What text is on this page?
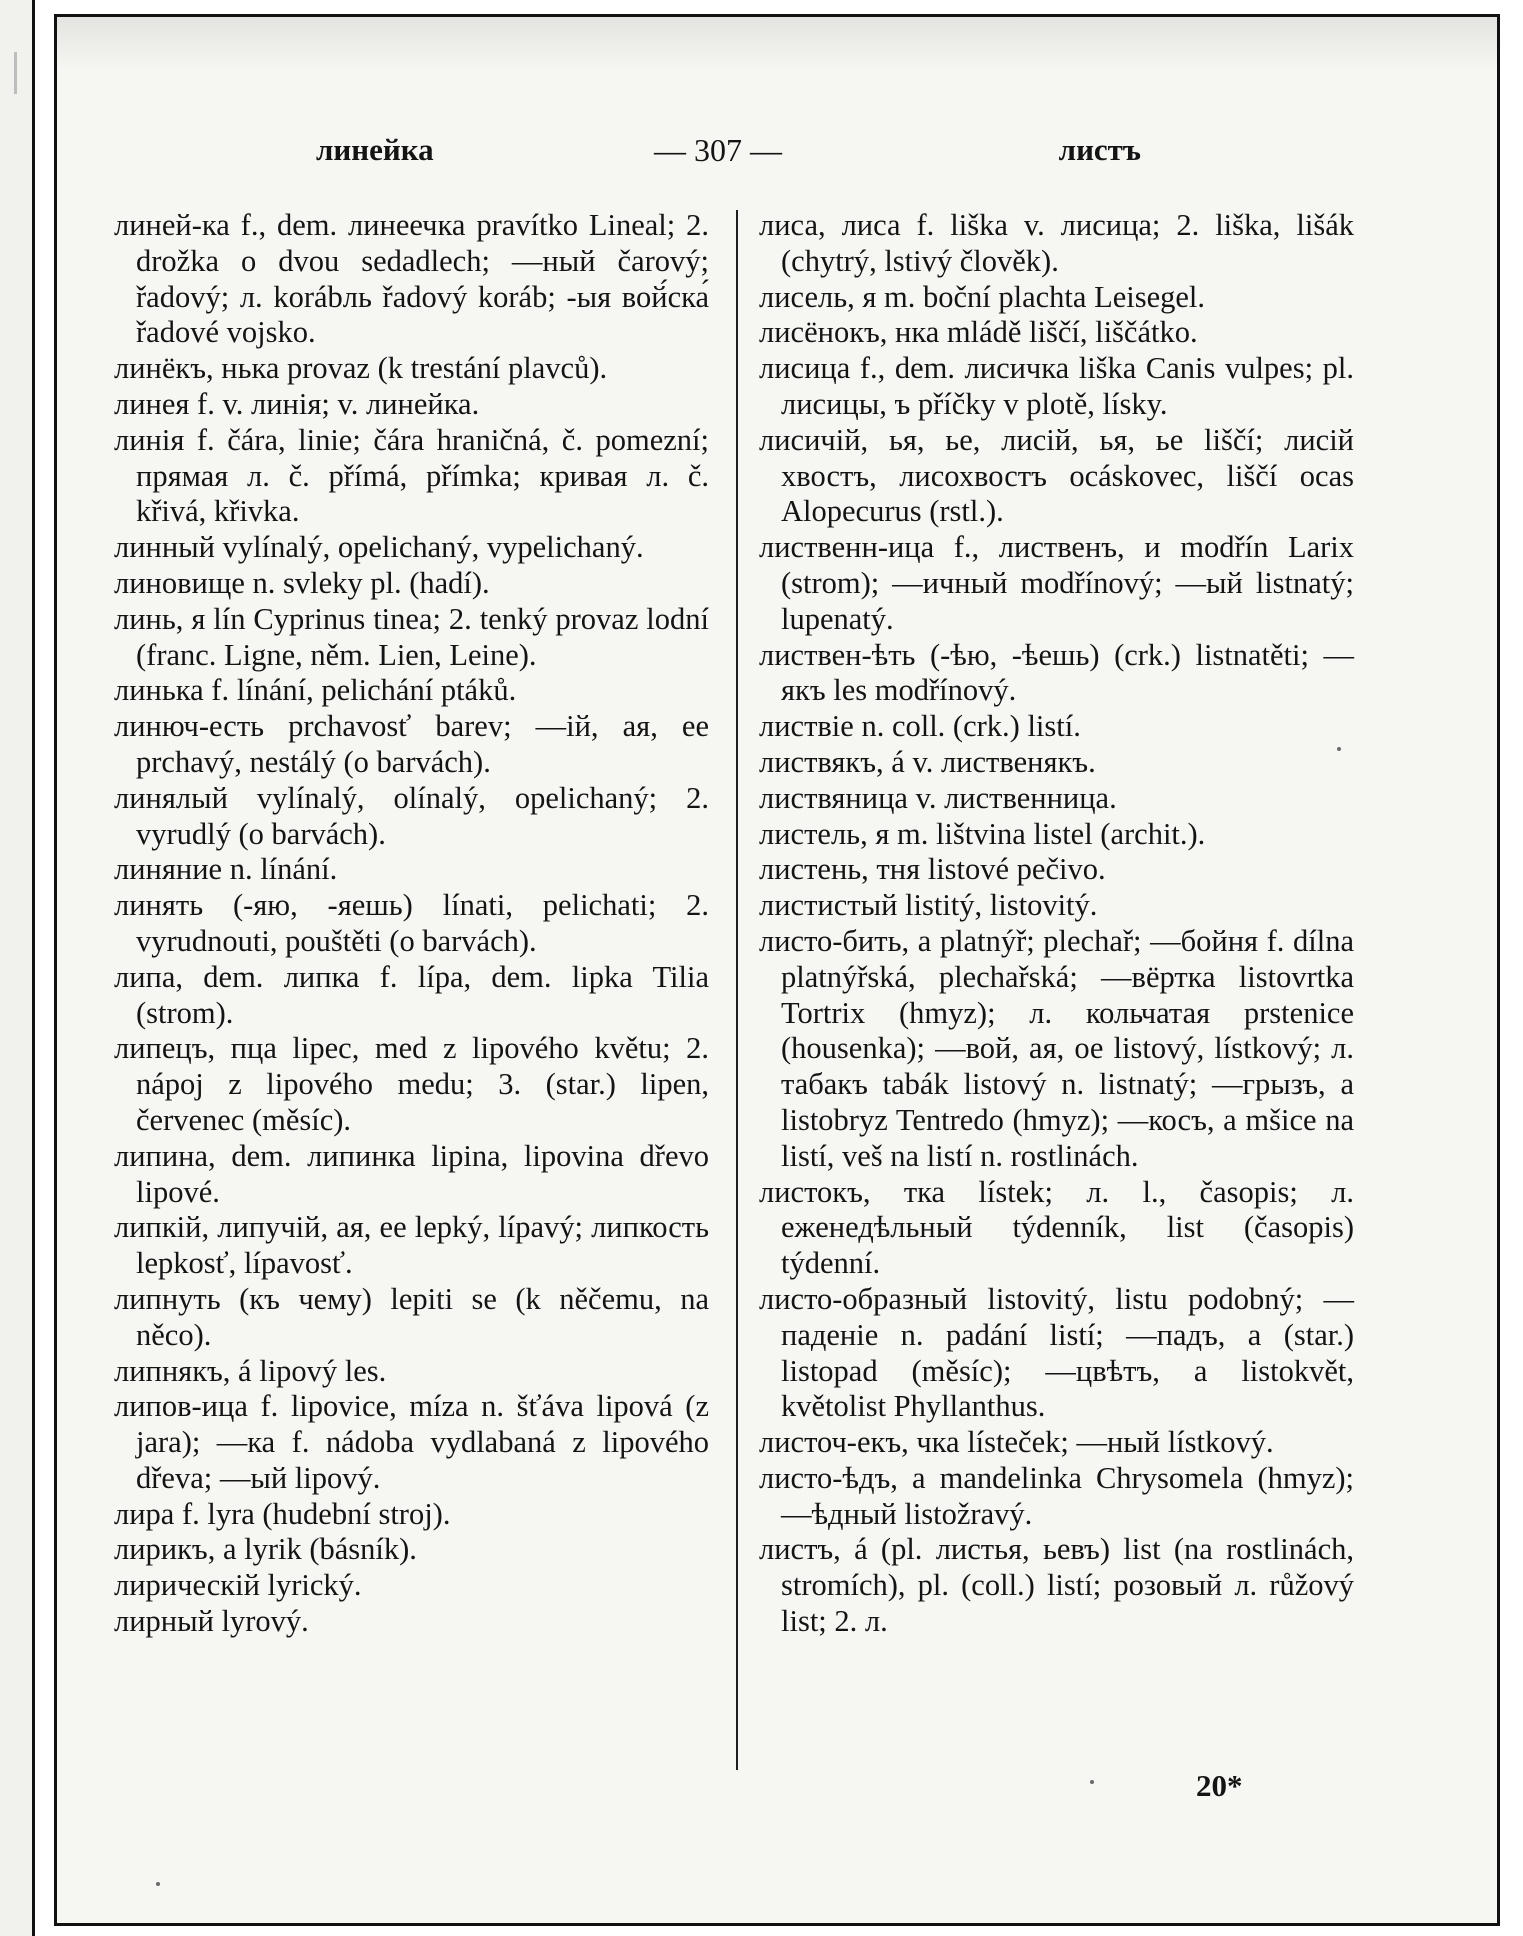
линейка	— 307 —	листъ

линей-ка f., dem. линеечка pravítko Lineal; 2. drožka o dvou sedadlech; —ный čarový; řadový; л. korábль řadový koráb; -ыя вой́ска́ řadové vojsko.

линёкъ, нька provaz (k trestání plavců).

линея f. v. линія; v. линейка.

линія f. čára, linie; čára hraničná, č. pomezní; прямая л. č. přímá, přímka; кривая л. č. křivá, křivka.

линный vylínalý, opelichaný, vypelichaný.

линовище n. svleky pl. (hadí).

линь, я lín Cyprinus tinea; 2. tenký provaz lodní (franc. Ligne, něm. Lien, Leine).

линька f. línání, pelichání ptáků.

линюч-есть prchavosť barev; —ій, ая, ее prchavý, nestálý (o barvách).

линялый vylínalý, olínalý, opelichaný; 2. vyrudlý (o barvách).

линяние n. línání.

линять (-яю, -яешь) línati, pelichati; 2. vyrudnouti, pouštěti (o barvách).

липа, dem. липка f. lípa, dem. lipka Tilia (strom).

липецъ, пца lipec, med z lipového květu; 2. nápoj z lipového medu; 3. (star.) lipen, červenec (měsíc).

липина, dem. липинка lipina, lipovina dřevo lipové.

липкій, липучій, ая, ее lepký, lípavý; липкость lepkosť, lípavosť.

липнуть (къ чему) lepiti se (k něčemu, na něco).

липнякъ, á lipový les.

липов-ица f. lipovice, míza n. šťáva lipová (z jara); —ка f. nádoba vydlabaná z lipového dřeva; —ый lipový.

лира f. lyra (hudební stroj).

лирикъ, а lyrik (básník).

лирическій lyrický.

лирный lyrový.

лиса, лиса f. liška v. лисица; 2. liška, lišák (chytrý, lstivý člověk).

лисель, я m. boční plachta Leisegel.

лисёнокъ, нка mládě liščí, liščátko.

лисица f., dem. лисичка liška Canis vulpes; pl. лисицы, ъ příčky v plotě, lísky.

лисичій, ья, ье, лисій, ья, ье liščí; лисій хвостъ, лисохвостъ ocáskovec, liščí ocas Alopecurus (rstl.).

лиственн-ица f., лиственъ, и modřín Larix (strom); —ичный modřínový; —ый listnatý; lupenatý.

листвен-ѣть (-ѣю, -ѣешь) (crk.) listnatěti; —якъ les modřínový.

листвіе n. coll. (crk.) listí.

листвякъ, á v. лиственякъ.

листвяница v. лиственница.

листель, я m. lištvina listel (archit.).

листень, тня listové pečivo.

листистый listitý, listovitý.

листо-бить, a platnýř; plechař; —бойня f. dílna platnýřská, plechařská; —вёртка listovrtka Tortrix (hmyz); л. кольчатая prstenice (housenka); —вой, ая, ое listový, lístkový; л. табакъ tabák listový n. listnatý; —грызъ, a listobryz Tentredo (hmyz); —косъ, a mšice na listí, veš na listí n. rostlinách.

листокъ, тка lístek; л. l., časopis; л. еженедѣльный týdenník, list (časopis) týdenní.

листо-образный listovitý, listu podobný; —паденіе n. padání listí; —падъ, a (star.) listopad (měsíc); —цвѣтъ, a listokvět, květolist Phyllanthus.

листоч-екъ, чка lísteček; —ный lístkový.

листо-ѣдъ, a mandelinka Chrysomela (hmyz); —ѣдный listožravý.

листъ, á (pl. листья, ьевъ) list (na rostlinách, stromích), pl. (coll.) listí; розовый л. růžový list; 2. л.

20*
